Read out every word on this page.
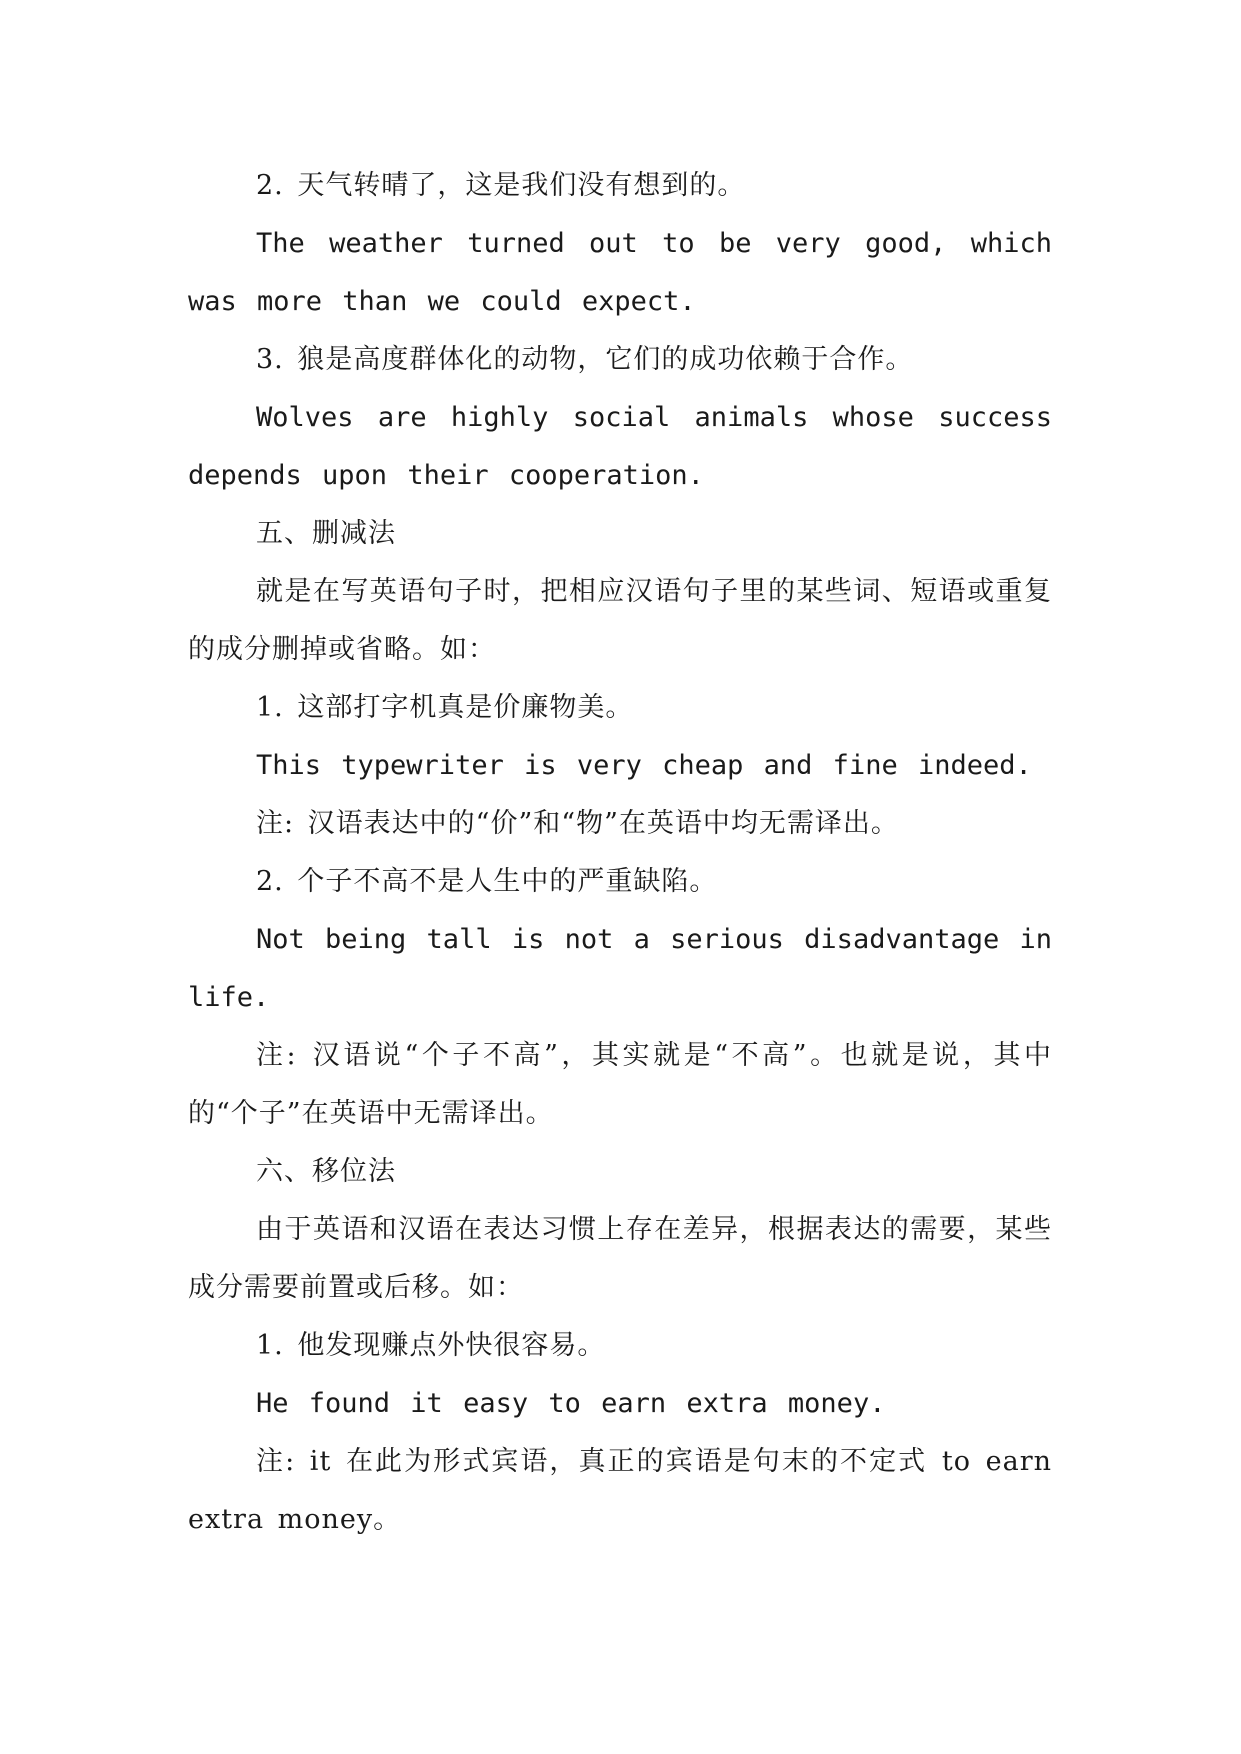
2. 天气转晴了，这是我们没有想到的。

The weather turned out to be very good, which was more than we could expect.

3. 狼是高度群体化的动物，它们的成功依赖于合作。

Wolves are highly social animals whose success depends upon their cooperation.

五、删减法

就是在写英语句子时，把相应汉语句子里的某些词、短语或重复的成分删掉或省略。如：

1. 这部打字机真是价廉物美。

This typewriter is very cheap and fine indeed.

注: 汉语表达中的“价”和“物”在英语中均无需译出。

2. 个子不高不是人生中的严重缺陷。

Not being tall is not a serious disadvantage in life.

注: 汉语说“个子不高”，其实就是“不高”。也就是说，其中的“个子”在英语中无需译出。

六、移位法

由于英语和汉语在表达习惯上存在差异，根据表达的需要，某些成分需要前置或后移。如：

1. 他发现赚点外快很容易。

He found it easy to earn extra money.

注: it 在此为形式宾语，真正的宾语是句末的不定式 to earn extra money。
